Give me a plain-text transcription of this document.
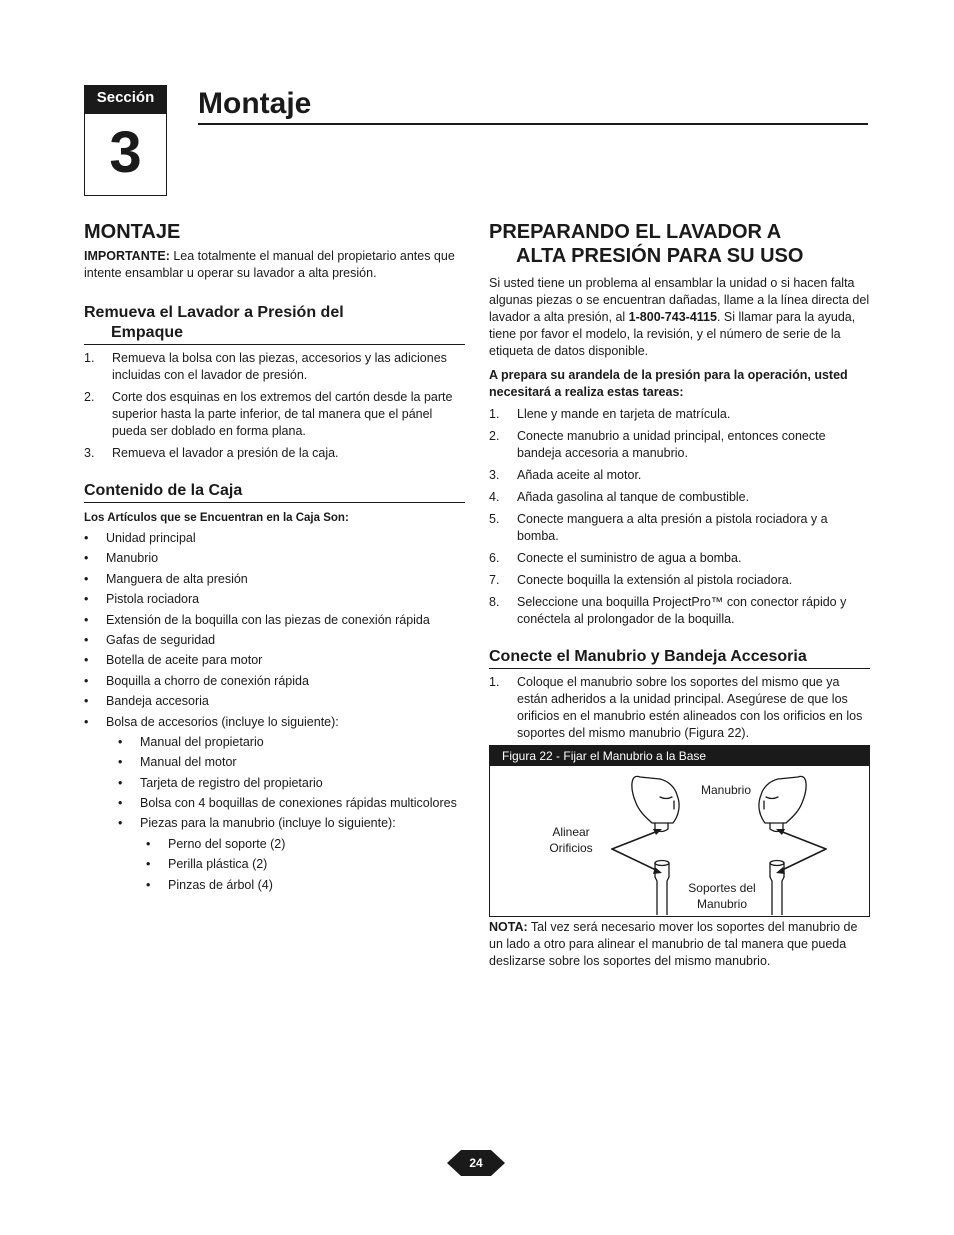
Sección
3
Montaje
MONTAJE

IMPORTANTE: Lea totalmente el manual del propietario antes que intente ensamblar u operar su lavador a alta presión.

Remueva el Lavador a Presión del
Empaque
1. Remueva la bolsa con las piezas, accesorios y las adiciones incluidas con el lavador de presión.
2. Corte dos esquinas en los extremos del cartón desde la parte superior hasta la parte inferior, de tal manera que el pánel pueda ser doblado en forma plana.
3. Remueva el lavador a presión de la caja.
Contenido de la Caja

Los Artículos que se Encuentran en la Caja Son:

• Unidad principal
• Manubrio
• Manguera de alta presión
• Pistola rociadora
• Extensión de la boquilla con las piezas de conexión rápida
• Gafas de seguridad
• Botella de aceite para motor
• Boquilla a chorro de conexión rápida
• Bandeja accesoria
• Bolsa de accesorios (incluye lo siguiente):
• Manual del propietario
• Manual del motor
• Tarjeta de registro del propietario
• Bolsa con 4 boquillas de conexiones rápidas multicolores
• Piezas para la manubrio (incluye lo siguiente):
• Perno del soporte (2)
• Perilla plástica (2)
• Pinzas de árbol (4)
PREPARANDO EL LAVADOR A
ALTA PRESIÓN PARA SU USO

Si usted tiene un problema al ensamblar la unidad o si hacen falta algunas piezas o se encuentran dañadas, llame a la línea directa del lavador a alta presión, al 1-800-743-4115. Si llamar para la ayuda, tiene por favor el modelo, la revisión, y el número de serie de la etiqueta de datos disponible.

A prepara su arandela de la presión para la operación, usted necesitará a realiza estas tareas:

1. Llene y mande en tarjeta de matrícula.
2. Conecte manubrio a unidad principal, entonces conecte bandeja accesoria a manubrio.
3. Añada aceite al motor.
4. Añada gasolina al tanque de combustible.
5. Conecte manguera a alta presión a pistola rociadora y a bomba.
6. Conecte el suministro de agua a bomba.
7. Conecte boquilla la extensión al pistola rociadora.
8. Seleccione una boquilla ProjectPro™ con conector rápido y conéctela al prolongador de la boquilla.
Conecte el Manubrio y Bandeja Accesoria
1. Coloque el manubrio sobre los soportes del mismo que ya están adheridos a la unidad principal. Asegúrese de que los orificios en el manubrio estén alineados con los orificios en los soportes del mismo manubrio (Figura 22).
Figura 22 - Fijar el Manubrio a la Base
Manubrio
Alinear
Orificios
Soportes del
Manubrio

NOTA: Tal vez será necesario mover los soportes del manubrio de un lado a otro para alinear el manubrio de tal manera que pueda deslizarse sobre los soportes del mismo manubrio.

24
